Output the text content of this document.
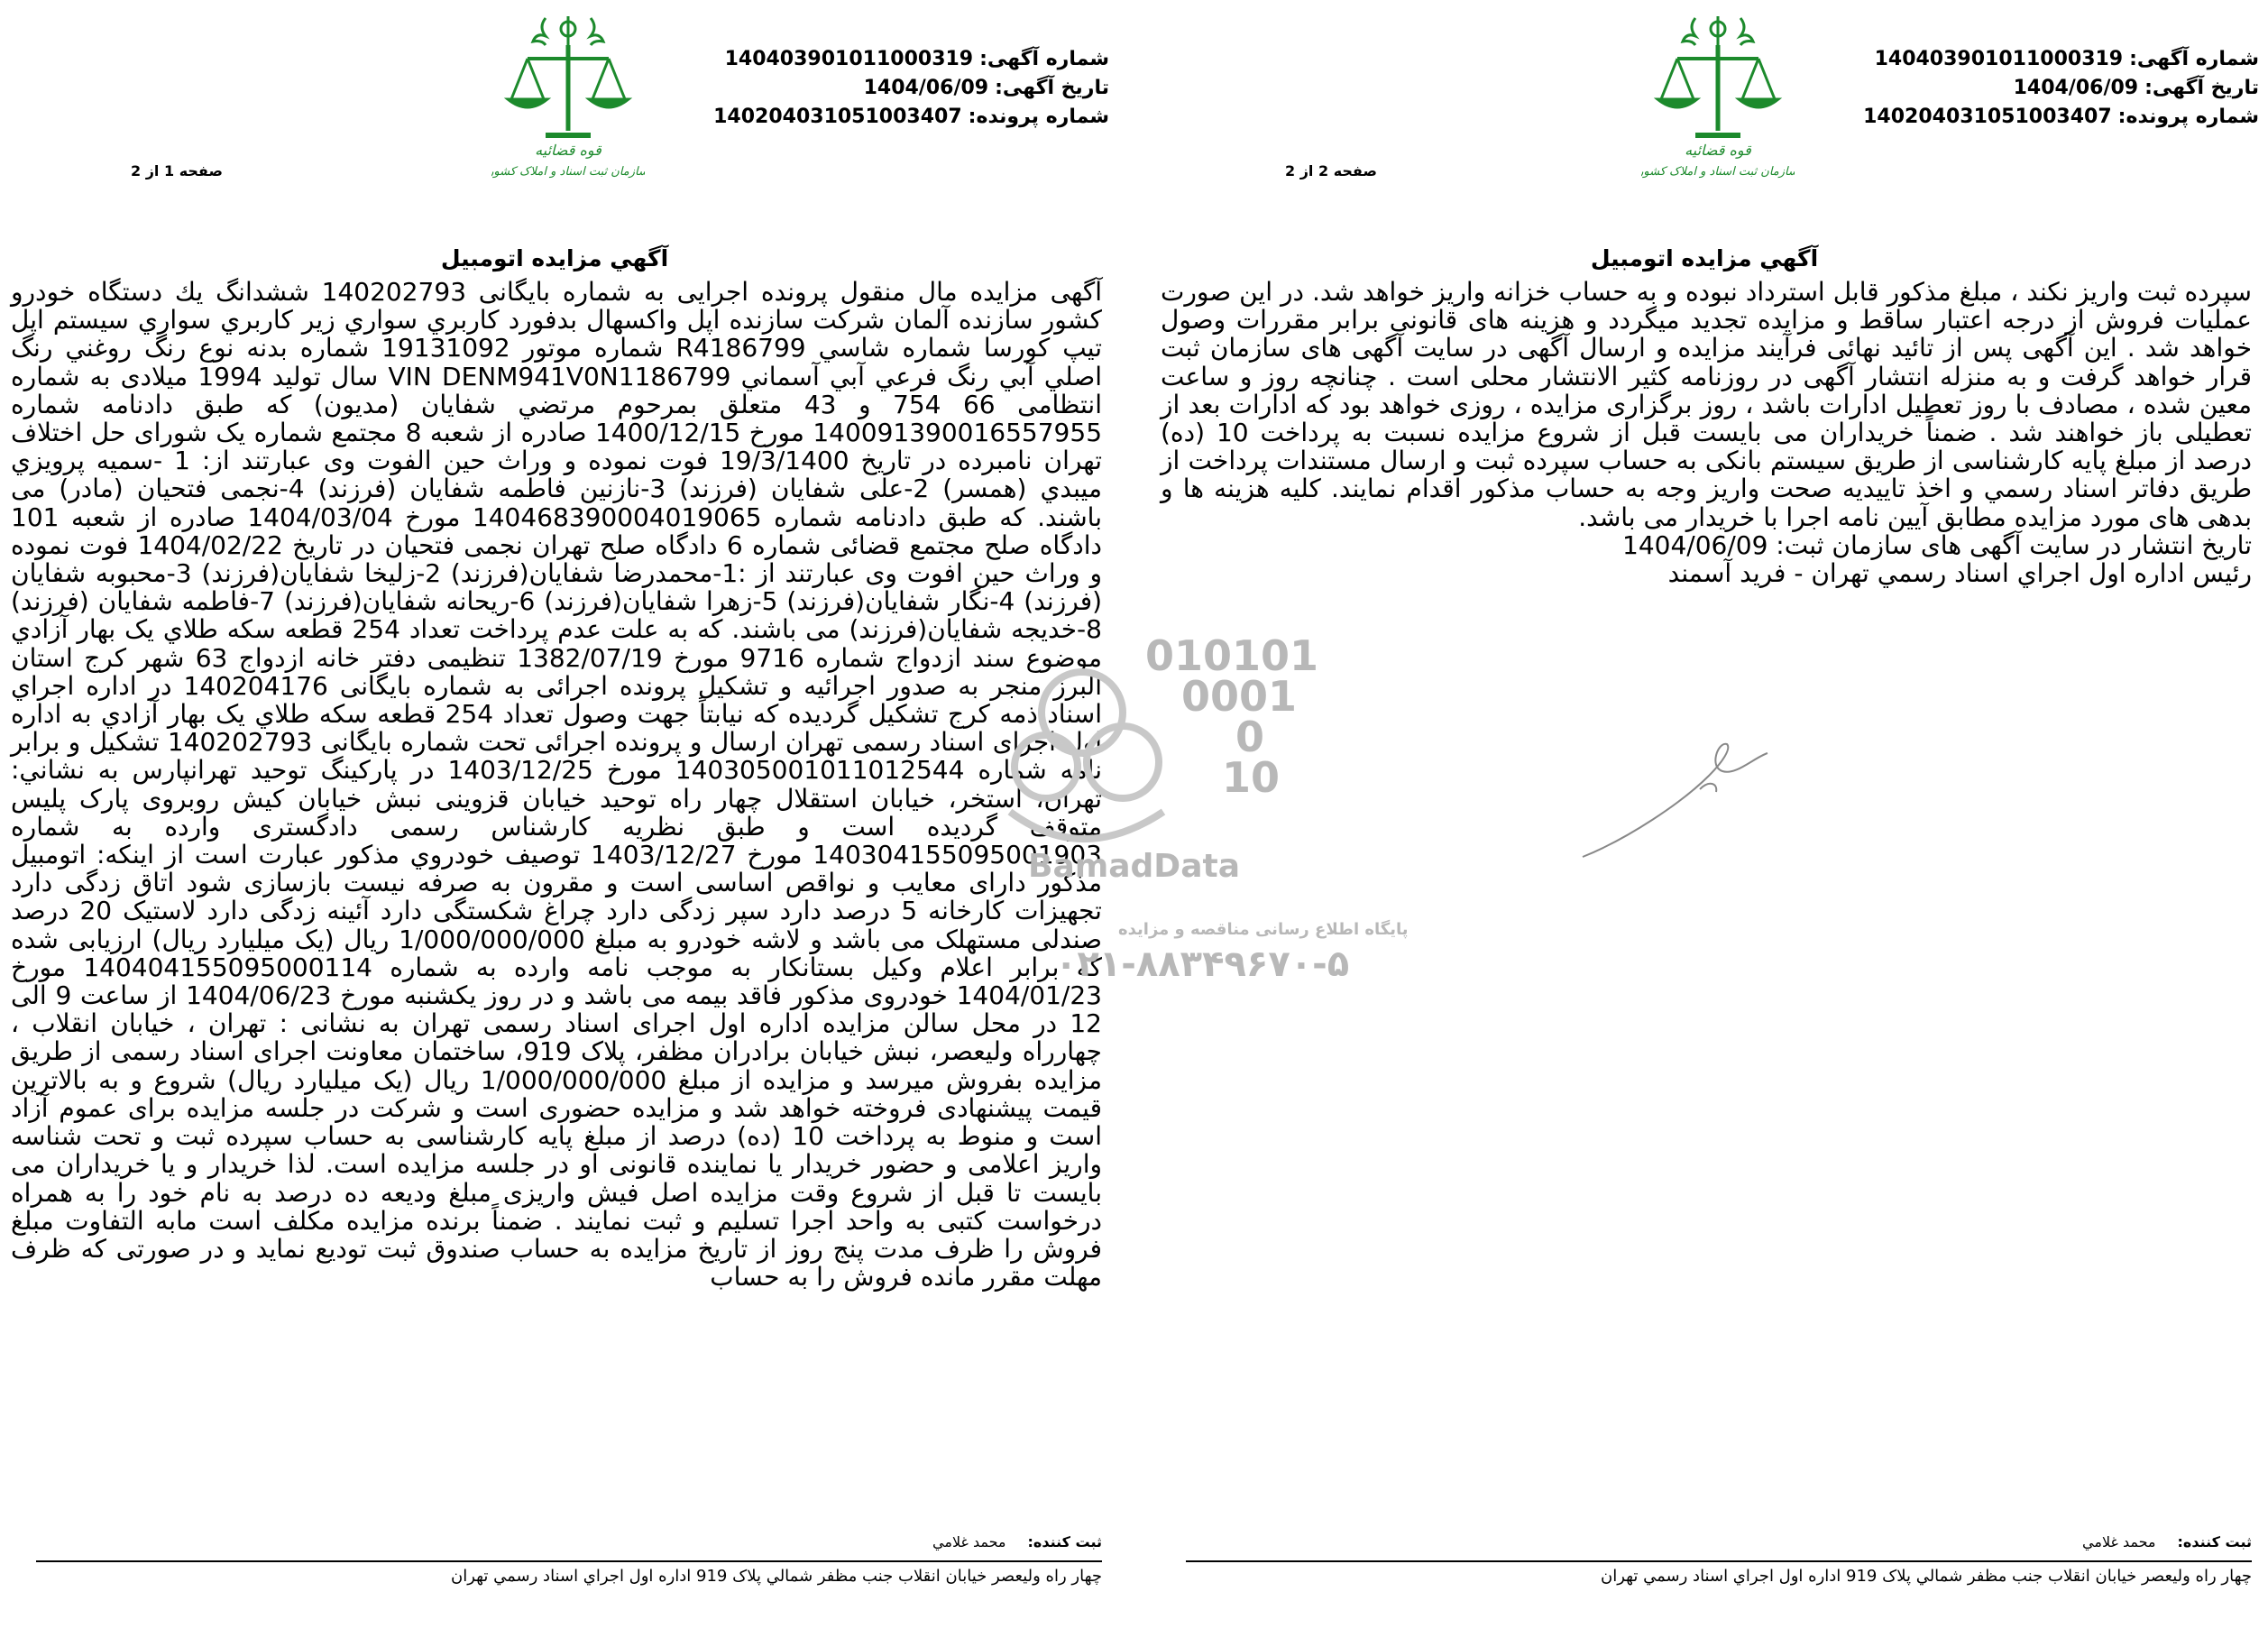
شماره آگهی: 140403901011000319
تاریخ آگهی: 1404/06/09
شماره پرونده: 140204031051003407
قوه قضائیه
سازمان ثبت اسناد و املاک کشور
صفحه 1 از 2
آگهي مزایده اتومبیل
آگهی مزایده مال منقول پرونده اجرایی به شماره بایگانی 140202793 ششدانگ يك دستگاه خودرو كشور سازنده آلمان شرکت سازنده اپل واکسهال بدفورد کاربري سواري زير کاربري سواري سيستم اپل تيپ كورسا شماره شاسي R4186799 شماره موتور 19131092 شماره بدنه نوع رنگ روغني رنگ اصلي آبي رنگ فرعي آبي آسماني VIN DENM941V0N1186799 سال توليد 1994 ميلادی به شماره انتظامی 66 754 و 43 متعلق بمرحوم مرتضي شفايان (مديون) که طبق دادنامه شماره 14009139001655795​5 مورخ 1400/12/15 صادره از شعبه 8 مجتمع شماره يک شورای حل اختلاف تهران نامبرده در تاریخ 19/3/1400 فوت نموده و وراث حين الفوت وی عبارتند از: 1 -سميه پرويزي ميبدي (همسر) 2-على شفايان (فرزند) 3-نازنين فاطمه شفايان (فرزند) 4-نجمی فتحيان (مادر) می باشند. که طبق دادنامه شماره 140468390004019065 مورخ 1404/03/04 صادره از شعبه 101 دادگاه صلح مجتمع قضائی شماره 6 دادگاه صلح تهران نجمی فتحيان در تاريخ 1404/02/22 فوت نموده و وراث حين افوت وی عبارتند از :1-محمدرضا شفايان(فرزند) 2-زليخا شفايان(فرزند) 3-محبوبه شفايان (فرزند) 4-نگار شفايان(فرزند) 5-زهرا شفايان(فرزند) 6-ريحانه شفايان(فرزند) 7-فاطمه شفايان (فرزند) 8-خديجه شفايان(فرزند) می باشند. که به علت عدم پرداخت تعداد 254 قطعه سکه طلاي يک بهار آزادي موضوع سند ازدواج شماره 9716 مورخ 1382/07/19 تنظيمی دفتر خانه ازدواج 63 شهر کرج استان البرز منجر به صدور اجرائيه و تشکيل پرونده اجرائی به شماره بايگانی 140204176 در اداره اجراي اسناد ذمه کرج تشکيل گرديده که نيابتاً جهت وصول تعداد 254 قطعه سکه طلاي يک بهار آزادي به اداره اول اجرای اسناد رسمی تهران ارسال و پرونده اجرائی تحت شماره بايگانی 140202793 تشکيل و برابر نامه شماره 14030500101101254​4 مورخ 1403/12/25 در پارکينگ توحيد تهرانپارس به نشاني: تهران، استخر، خيابان استقلال چهار راه توحيد خيابان قزوينی نبش خيابان کيش روبروی پارک پليس متوقف گرديده است و طبق نظريه کارشناس رسمی دادگستری وارده به شماره 140304155095001903 مورخ 1403/12/27 توصيف خودروي مذكور عبارت است از اينكه: اتومبيل مذکور دارای معايب و نواقص اساسی است و مقرون به صرفه نيست بازسازی شود اتاق زدگی دارد تجهيزات کارخانه 5 درصد دارد سپر زدگی دارد چراغ شکستگی دارد آئينه زدگی دارد لاستيک 20 درصد صندلی مستهلک می باشد و لاشه خودرو به مبلغ 1/000/000/000 ريال (يک ميليارد ريال) ارزيابی شده که برابر اعلام وکيل بستانکار به موجب نامه وارده به شماره 14040415509500011​4 مورخ 1404/01/23 خودروی مذکور فاقد بيمه می باشد و در روز يکشنبه مورخ 1404/06/23 از ساعت 9 الی 12 در محل سالن مزايده اداره اول اجرای اسناد رسمی تهران به نشانی : تهران ، خيابان انقلاب ، چهارراه وليعصر، نبش خيابان برادران مظفر، پلاک 919، ساختمان معاونت اجرای اسناد رسمی از طريق مزايده بفروش ميرسد و مزايده از مبلغ 1/000/000/000 ريال (يک ميليارد ريال) شروع و به بالاترين قيمت پيشنهادی فروخته خواهد شد و مزايده حضوری است و شرکت در جلسه مزايده برای عموم آزاد است و منوط به پرداخت 10 (ده) درصد از مبلغ پايه کارشناسی به حساب سپرده ثبت و تحت شناسه واريز اعلامی و حضور خريدار يا نماينده قانونی او در جلسه مزايده است. لذا خريدار و يا خريداران می بايست تا قبل از شروع وقت مزايده اصل فيش واريزی مبلغ وديعه ده درصد به نام خود را به همراه درخواست کتبی به واحد اجرا تسليم و ثبت نمايند . ضمناً برنده مزايده مکلف است مابه التفاوت مبلغ فروش را ظرف مدت پنج روز از تاريخ مزايده به حساب صندوق ثبت توديع نمايد و در صورتی که ظرف مهلت مقرر مانده فروش را به حساب
ثبت كننده:محمد غلامي
چهار راه وليعصر خيابان انقلاب جنب مظفر شمالي پلاک 919 اداره اول اجراي اسناد رسمي تهران
شماره آگهی: 140403901011000319
تاریخ آگهی: 1404/06/09
شماره پرونده: 140204031051003407
قوه قضائیه
سازمان ثبت اسناد و املاک کشور
صفحه 2 از 2
آگهي مزایده اتومبیل
سپرده ثبت واريز نکند ، مبلغ مذکور قابل استرداد نبوده و به حساب خزانه واريز خواهد شد. در اين صورت عمليات فروش از درجه اعتبار ساقط و مزايده تجديد ميگردد و هزينه های قانونی برابر مقررات وصول خواهد شد . اين آگهی پس از تائيد نهائی فرآيند مزايده و ارسال آگهی در سايت آگهی های سازمان ثبت قرار خواهد گرفت و به منزله انتشار آگهی در روزنامه کثير الانتشار محلی است . چنانچه روز و ساعت معين شده ، مصادف با روز تعطيل ادارات باشد ، روز برگزاری مزايده ، روزی خواهد بود که ادارات بعد از تعطيلی باز خواهند شد . ضمناً خريداران می بايست قبل از شروع مزايده نسبت به پرداخت 10 (ده) درصد از مبلغ پايه کارشناسی از طريق سيستم بانکی به حساب سپرده ثبت و ارسال مستندات پرداخت از طريق دفاتر اسناد رسمي و اخذ تاييديه صحت واريز وجه به حساب مذکور اقدام نمايند. کليه هزينه ها و بدهی های مورد مزايده مطابق آيين نامه اجرا با خريدار می باشد.
تاريخ انتشار در سايت آگهی های سازمان ثبت: 1404/06/09
رئيس اداره اول اجراي اسناد رسمي تهران - فريد آسمند
ثبت كننده:محمد غلامي
چهار راه وليعصر خيابان انقلاب جنب مظفر شمالي پلاک 919 اداره اول اجراي اسناد رسمي تهران
010101
0001
0
10
BamadData
پايگاه اطلاع رسانی مناقصه و مزايده
۰۲۱-۸۸۳۴۹۶۷۰-۵
